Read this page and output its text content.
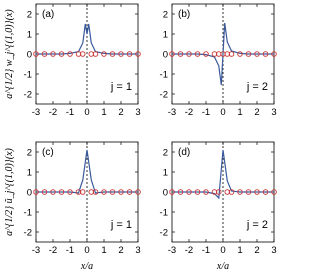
-3 -2 -1 0 1 2 3
-2
-1
0
1
2 (a)
j = 1
a^{1/2} w_j^{(1,0)}(x)
-3 -2 -1 0 1 2 3
-2
-1
0
1
2 (b)
j = 2
-3 -2 -1 0 1 2 3
-2
-1
0
1
2 (c)
j = 1
a^{1/2} ũ_j^{(1,0)}(x)
x/a
-3 -2 -1 0 1 2 3
-2
-1
0
1
2 (d)
j = 2
x/a
